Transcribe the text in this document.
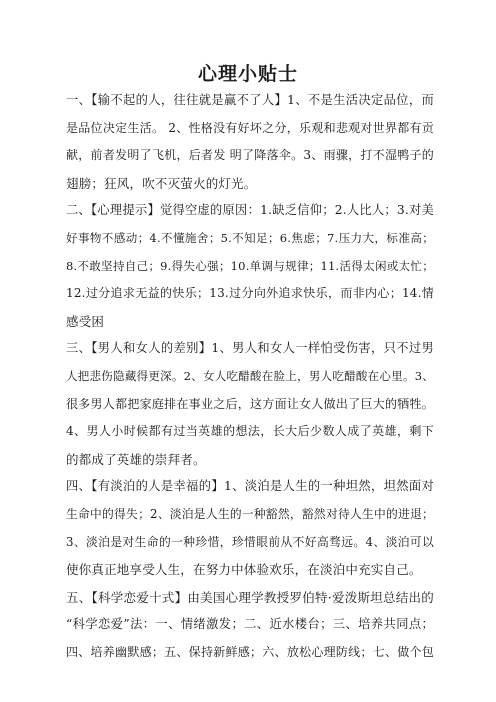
心理小贴士
一、【输不起的人，往往就是赢不了人】1、不是生活决定品位，而
是品位决定生活。 2、性格没有好坏之分，乐观和悲观对世界都有贡
献，前者发明了飞机，后者发 明了降落伞。3、雨骤，打不湿鸭子的
翅膀；狂风，吹不灭萤火的灯光。
二、【心理提示】觉得空虚的原因：1.缺乏信仰；2.人比人；3.对美
好事物不感动；4.不懂施舍；5.不知足；6.焦虑；7.压力大，标准高；
8.不敢坚持自己；9.得失心强；10.单调与规律；11.活得太闲或太忙；
12.过分追求无益的快乐；13.过分向外追求快乐，而非内心；14.情
感受困
三、【男人和女人的差别】1、男人和女人一样怕受伤害，只不过男
人把悲伤隐藏得更深。2、女人吃醋酸在脸上，男人吃醋酸在心里。3、
很多男人都把家庭排在事业之后，这方面让女人做出了巨大的牺牲。
4、男人小时候都有过当英雄的想法，长大后少数人成了英雄，剩下
的都成了英雄的崇拜者。
四、【有淡泊的人是幸福的】1、淡泊是人生的一种坦然，坦然面对
生命中的得失；2、淡泊是人生的一种豁然，豁然对待人生中的进退；
3、淡泊是对生命的一种珍惜，珍惜眼前从不好高骛远。4、淡泊可以
使你真正地享受人生，在努力中体验欢乐，在淡泊中充实自己。
五、【科学恋爱十式】由美国心理学教授罗伯特·爱泼斯坦总结出的
“科学恋爱”法：一、情绪激发；二、近水楼台；三、培养共同点；
四、培养幽默感；五、保持新鲜感；六、放松心理防线；七、做个包
